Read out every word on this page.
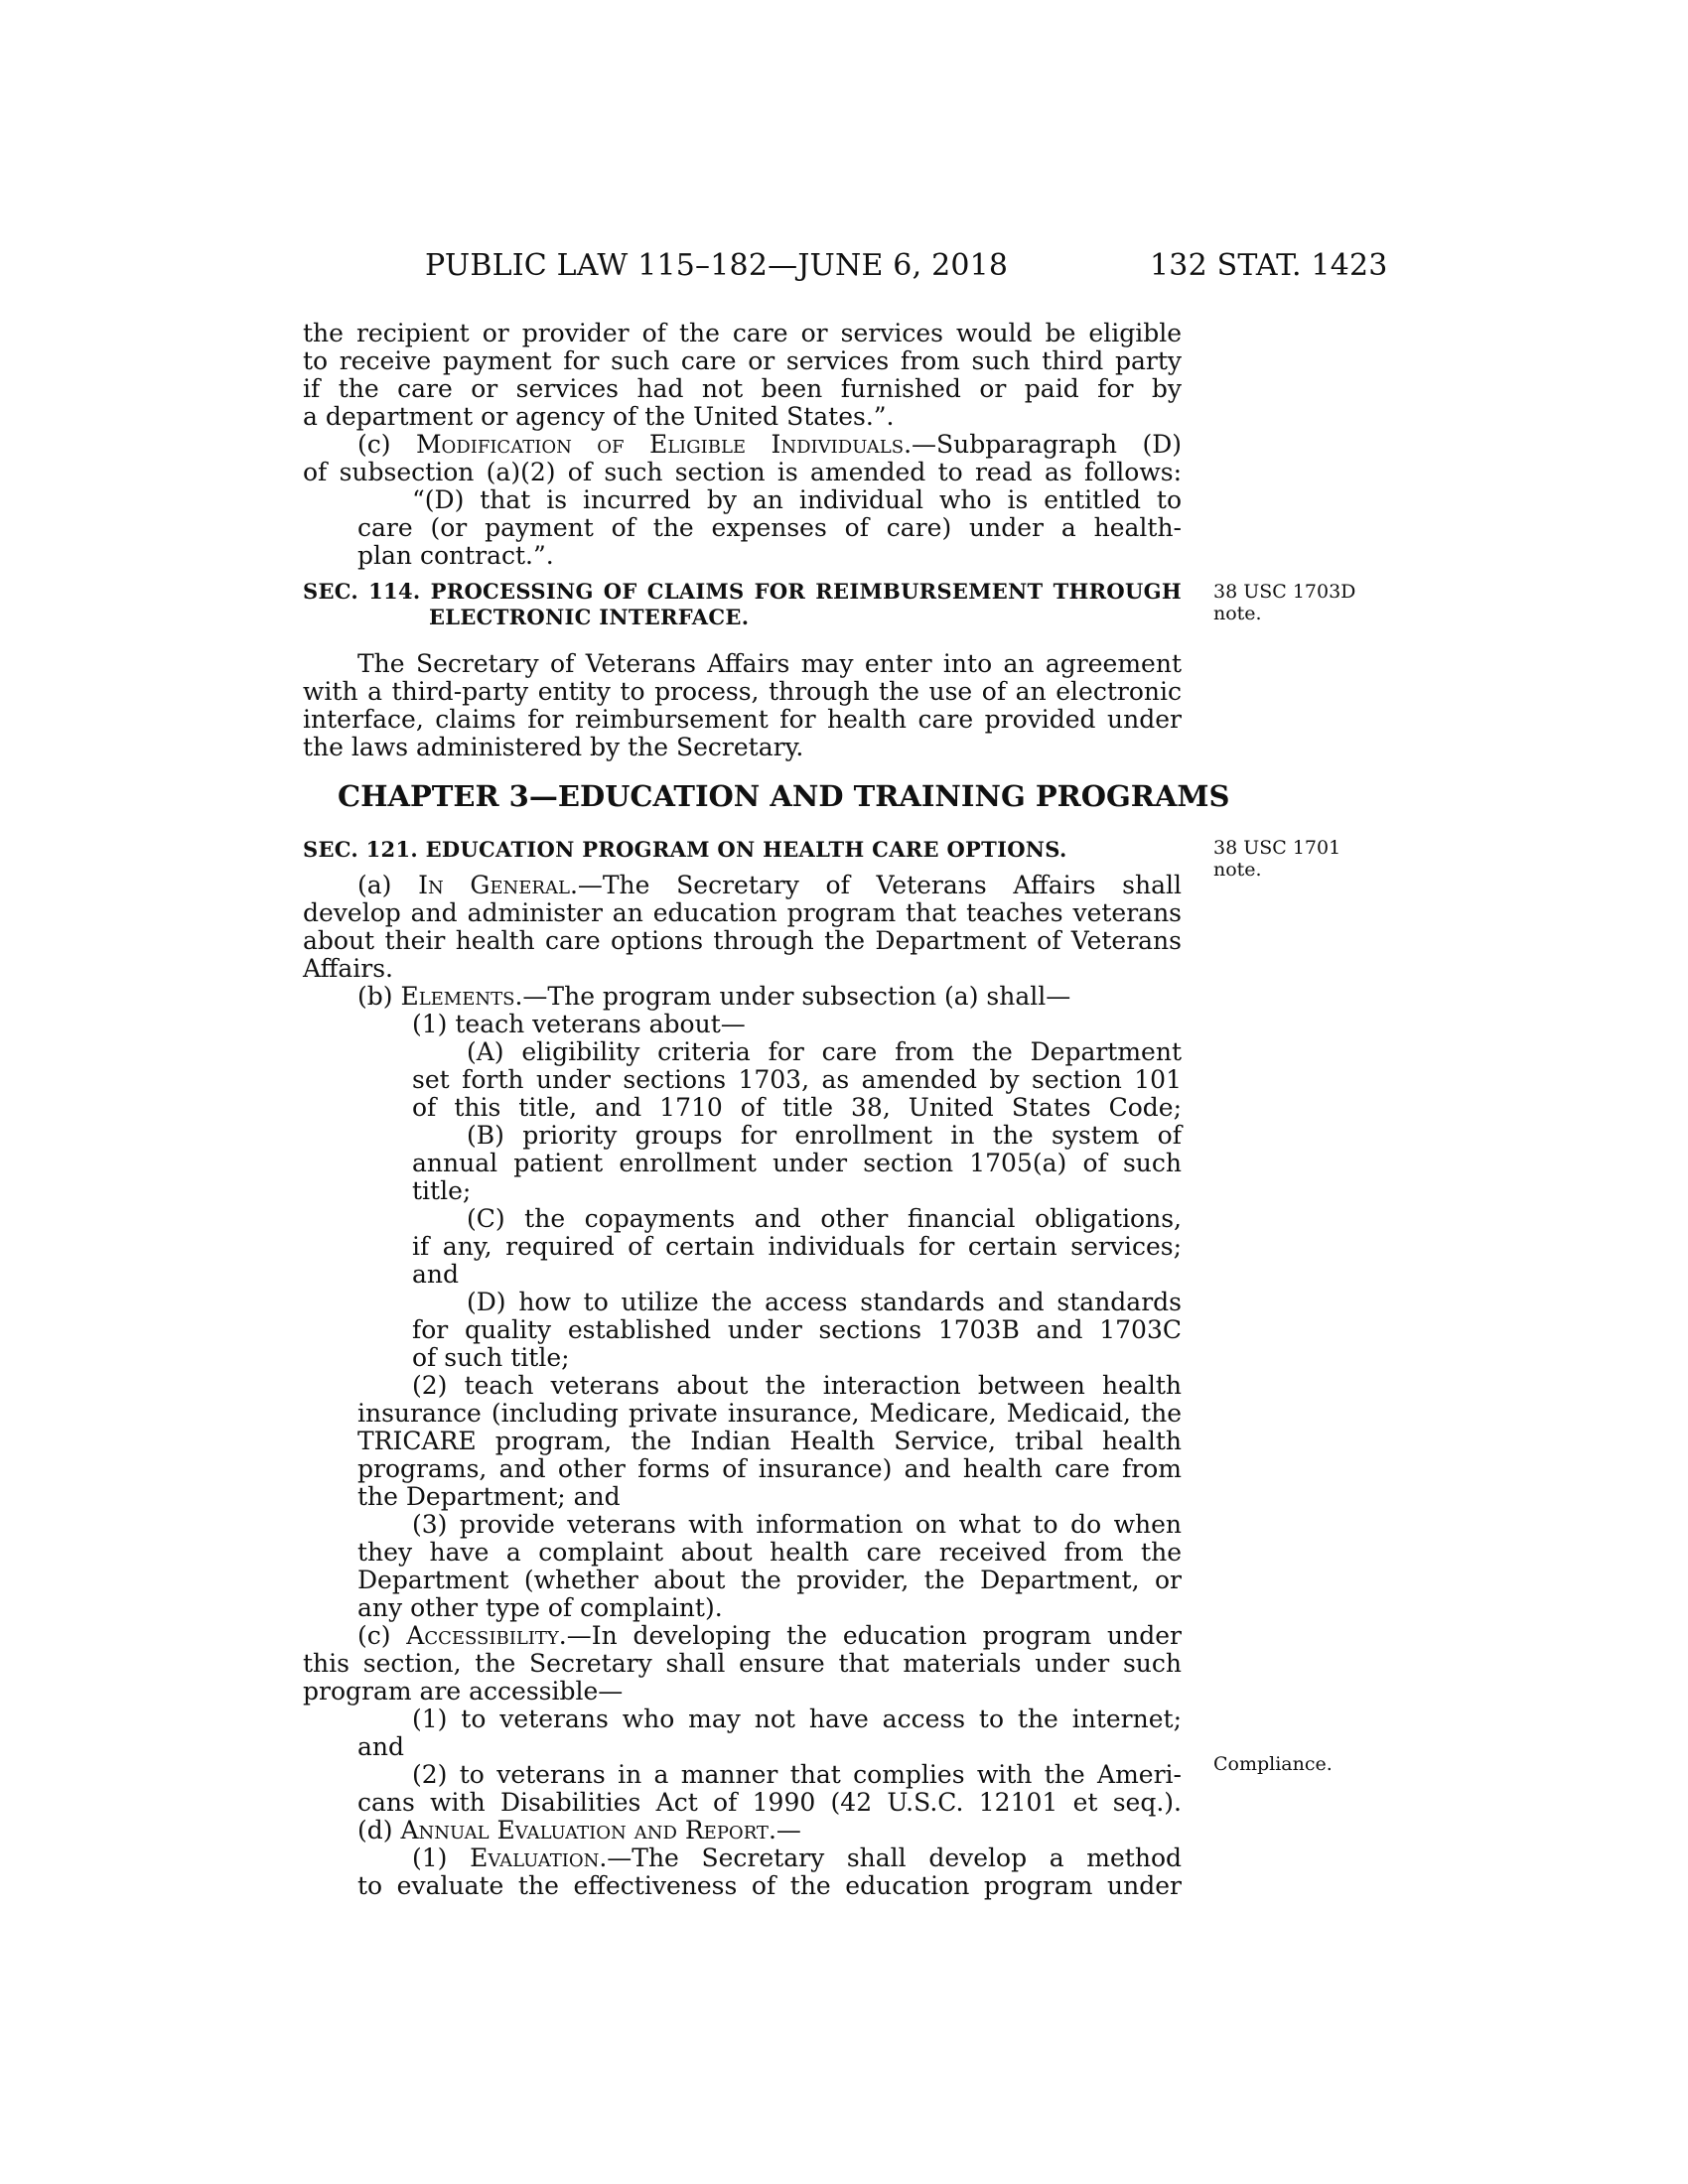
PUBLIC LAW 115–182—JUNE 6, 2018	132 STAT. 1423
the recipient or provider of the care or services would be eligible
to receive payment for such care or services from such third party
if the care or services had not been furnished or paid for by
a department or agency of the United States.”.
(c) Modification of Eligible Individuals.—Subparagraph (D)
of subsection (a)(2) of such section is amended to read as follows:
“(D) that is incurred by an individual who is entitled to
care (or payment of the expenses of care) under a health-
plan contract.”.
SEC. 114. PROCESSING OF CLAIMS FOR REIMBURSEMENT THROUGH
ELECTRONIC INTERFACE.
38 USC 1703D
note.
The Secretary of Veterans Affairs may enter into an agreement
with a third-party entity to process, through the use of an electronic
interface, claims for reimbursement for health care provided under
the laws administered by the Secretary.
CHAPTER 3—EDUCATION AND TRAINING PROGRAMS
SEC. 121. EDUCATION PROGRAM ON HEALTH CARE OPTIONS.	38 USC 1701
note.
(a) In General.—The Secretary of Veterans Affairs shall
develop and administer an education program that teaches veterans
about their health care options through the Department of Veterans
Affairs.
(b) Elements.—The program under subsection (a) shall—
(1) teach veterans about—
(A) eligibility criteria for care from the Department
set forth under sections 1703, as amended by section 101
of this title, and 1710 of title 38, United States Code;
(B) priority groups for enrollment in the system of
annual patient enrollment under section 1705(a) of such
title;
(C) the copayments and other financial obligations,
if any, required of certain individuals for certain services;
and
(D) how to utilize the access standards and standards
for quality established under sections 1703B and 1703C
of such title;
(2) teach veterans about the interaction between health
insurance (including private insurance, Medicare, Medicaid, the
TRICARE program, the Indian Health Service, tribal health
programs, and other forms of insurance) and health care from
the Department; and
(3) provide veterans with information on what to do when
they have a complaint about health care received from the
Department (whether about the provider, the Department, or
any other type of complaint).
(c) Accessibility.—In developing the education program under
this section, the Secretary shall ensure that materials under such
program are accessible—
(1) to veterans who may not have access to the internet;
and
(2) to veterans in a manner that complies with the Ameri-
cans with Disabilities Act of 1990 (42 U.S.C. 12101 et seq.).
(d) Annual Evaluation and Report.—
(1) Evaluation.—The Secretary shall develop a method
to evaluate the effectiveness of the education program under
Compliance.
